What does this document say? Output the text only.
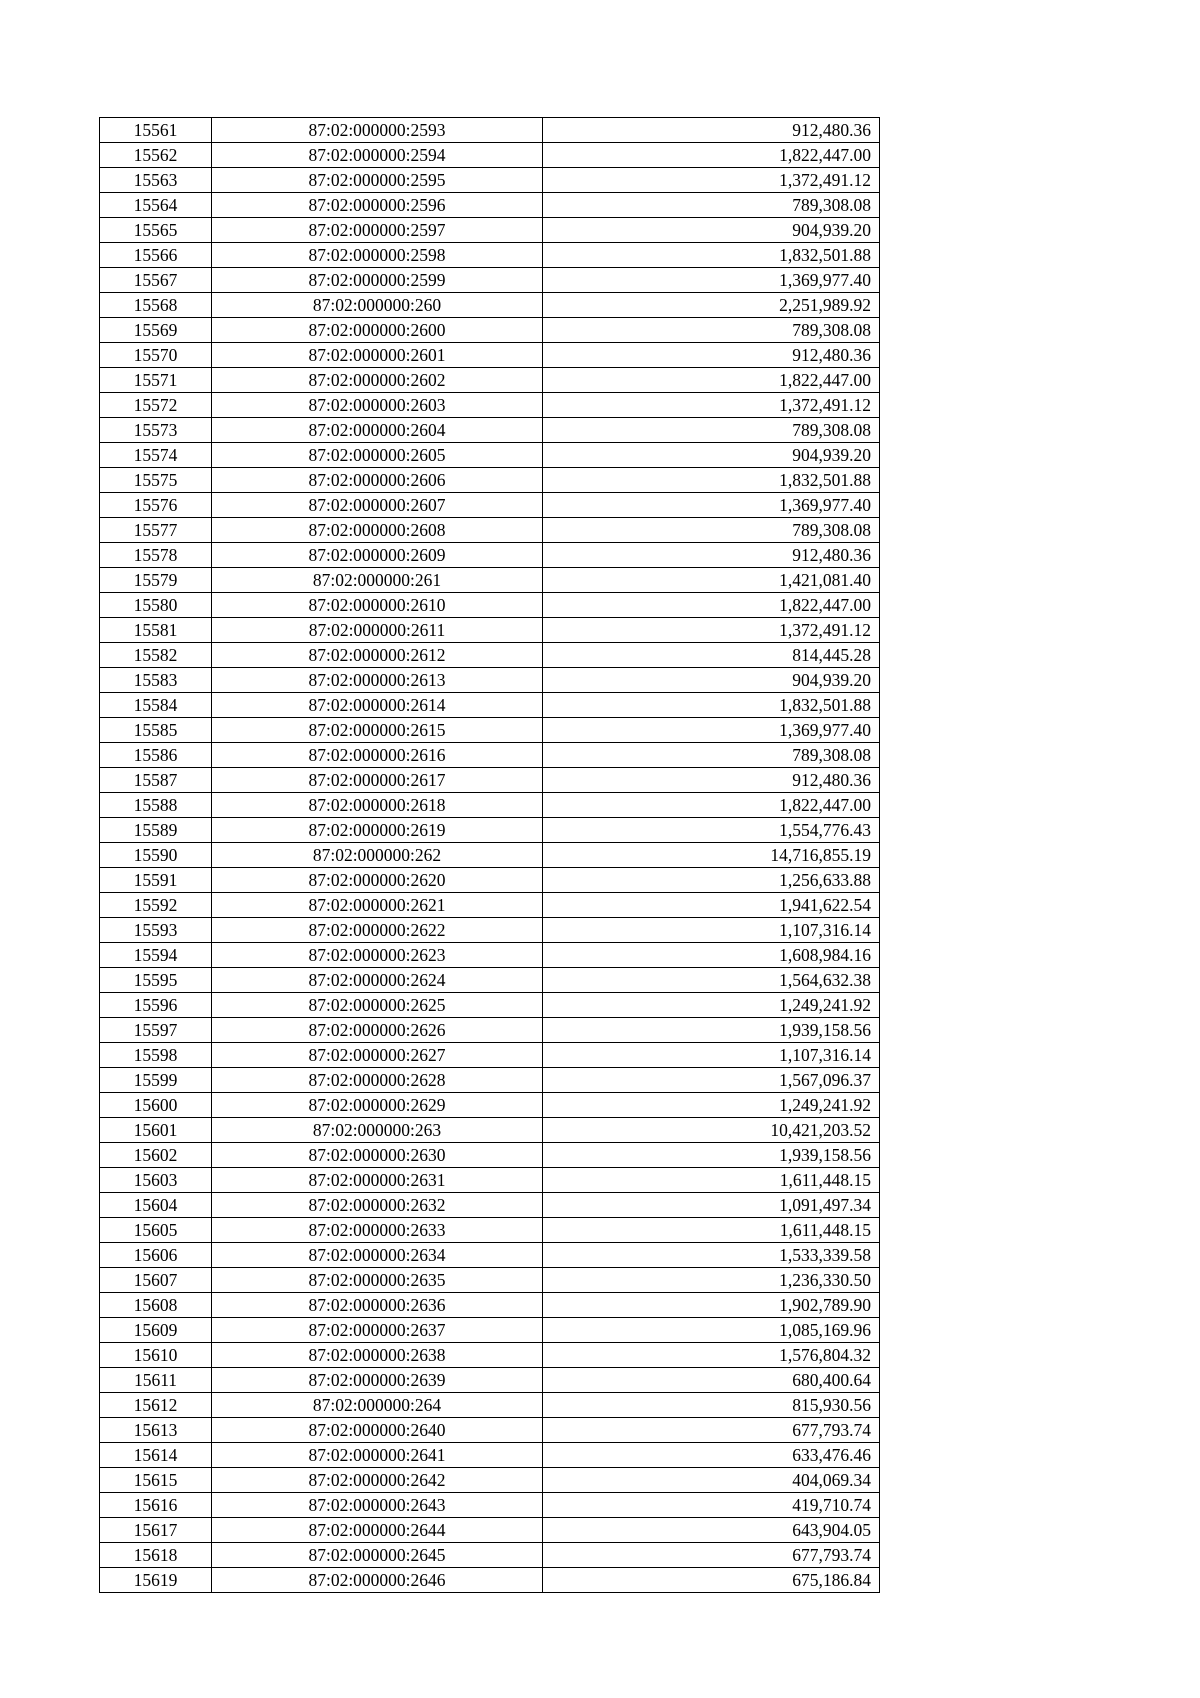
15561	87:02:000000:2593	912,480.36
15562	87:02:000000:2594	1,822,447.00
15563	87:02:000000:2595	1,372,491.12
15564	87:02:000000:2596	789,308.08
15565	87:02:000000:2597	904,939.20
15566	87:02:000000:2598	1,832,501.88
15567	87:02:000000:2599	1,369,977.40
15568	87:02:000000:260	2,251,989.92
15569	87:02:000000:2600	789,308.08
15570	87:02:000000:2601	912,480.36
15571	87:02:000000:2602	1,822,447.00
15572	87:02:000000:2603	1,372,491.12
15573	87:02:000000:2604	789,308.08
15574	87:02:000000:2605	904,939.20
15575	87:02:000000:2606	1,832,501.88
15576	87:02:000000:2607	1,369,977.40
15577	87:02:000000:2608	789,308.08
15578	87:02:000000:2609	912,480.36
15579	87:02:000000:261	1,421,081.40
15580	87:02:000000:2610	1,822,447.00
15581	87:02:000000:2611	1,372,491.12
15582	87:02:000000:2612	814,445.28
15583	87:02:000000:2613	904,939.20
15584	87:02:000000:2614	1,832,501.88
15585	87:02:000000:2615	1,369,977.40
15586	87:02:000000:2616	789,308.08
15587	87:02:000000:2617	912,480.36
15588	87:02:000000:2618	1,822,447.00
15589	87:02:000000:2619	1,554,776.43
15590	87:02:000000:262	14,716,855.19
15591	87:02:000000:2620	1,256,633.88
15592	87:02:000000:2621	1,941,622.54
15593	87:02:000000:2622	1,107,316.14
15594	87:02:000000:2623	1,608,984.16
15595	87:02:000000:2624	1,564,632.38
15596	87:02:000000:2625	1,249,241.92
15597	87:02:000000:2626	1,939,158.56
15598	87:02:000000:2627	1,107,316.14
15599	87:02:000000:2628	1,567,096.37
15600	87:02:000000:2629	1,249,241.92
15601	87:02:000000:263	10,421,203.52
15602	87:02:000000:2630	1,939,158.56
15603	87:02:000000:2631	1,611,448.15
15604	87:02:000000:2632	1,091,497.34
15605	87:02:000000:2633	1,611,448.15
15606	87:02:000000:2634	1,533,339.58
15607	87:02:000000:2635	1,236,330.50
15608	87:02:000000:2636	1,902,789.90
15609	87:02:000000:2637	1,085,169.96
15610	87:02:000000:2638	1,576,804.32
15611	87:02:000000:2639	680,400.64
15612	87:02:000000:264	815,930.56
15613	87:02:000000:2640	677,793.74
15614	87:02:000000:2641	633,476.46
15615	87:02:000000:2642	404,069.34
15616	87:02:000000:2643	419,710.74
15617	87:02:000000:2644	643,904.05
15618	87:02:000000:2645	677,793.74
15619	87:02:000000:2646	675,186.84
